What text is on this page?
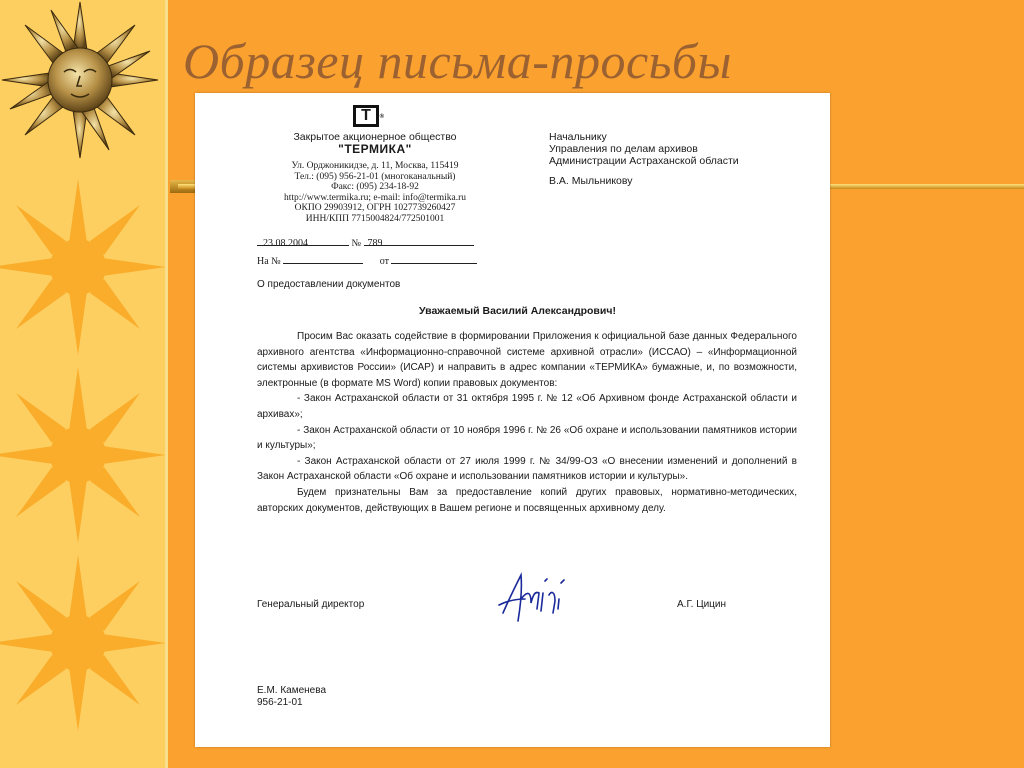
Образец письма-просьбы
T ®
Закрытое акционерное общество
"ТЕРМИКА"
Ул. Орджоникидзе, д. 11, Москва, 115419
Тел.: (095) 956-21-01 (многоканальный)
Факс: (095) 234-18-92
http://www.termika.ru; e-mail: info@termika.ru
ОКПО 29903912, ОГРН 1027739260427
ИНН/КПП 7715004824/772501001
Начальнику
Управления по делам архивов
Администрации Астраханской области
В.А. Мыльникову
23.08.2004	№ 789
На №	от
О предоставлении документов
Уважаемый Василий Александрович!

Просим Вас оказать содействие в формировании Приложения к официальной базе данных Федерального архивного агентства «Информационно-справочной системе архивной отрасли» (ИССАО) – «Информационной системы архивистов России» (ИСАР) и направить в адрес компании «ТЕРМИКА» бумажные, и, по возможности, электронные (в формате MS Word) копии правовых документов:

- Закон Астраханской области от 31 октября 1995 г. № 12 «Об Архивном фонде Астраханской области и архивах»;

- Закон Астраханской области от 10 ноября 1996 г. № 26 «Об охране и использовании памятников истории и культуры»;

- Закон Астраханской области от 27 июля 1999 г. № 34/99-ОЗ «О внесении изменений и дополнений в Закон Астраханской области «Об охране и использовании памятников истории и культуры».

Будем признательны Вам за предоставление копий других правовых, нормативно-методических, авторских документов, действующих в Вашем регионе и посвященных архивному делу.

Генеральный директор	А.Г. Цицин
Е.М. Каменева
956-21-01
